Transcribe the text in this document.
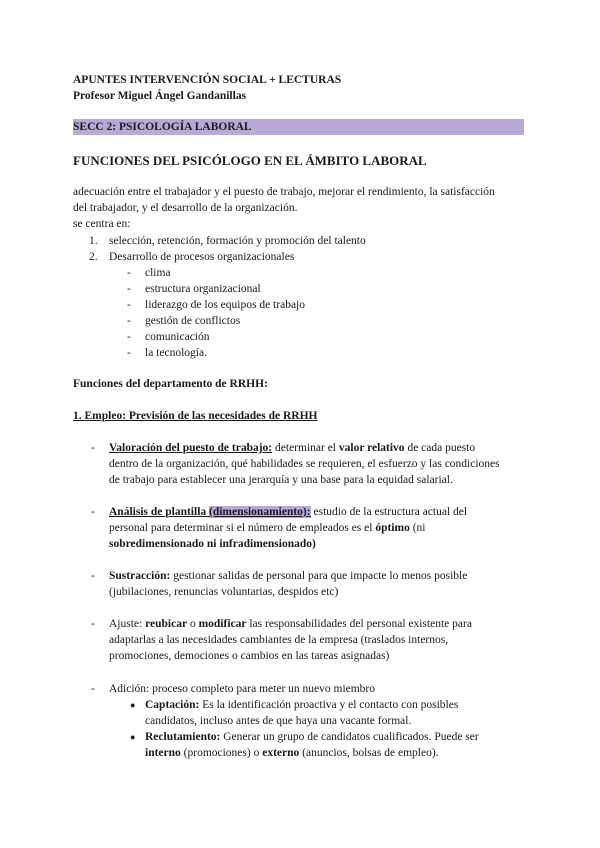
APUNTES INTERVENCIÓN SOCIAL + LECTURAS
Profesor Miguel Ángel Gandanillas
SECC 2: PSICOLOGÍA LABORAL
FUNCIONES DEL PSICÓLOGO EN EL ÁMBITO LABORAL
adecuación entre el trabajador y el puesto de trabajo, mejorar el rendimiento, la satisfacción
del trabajador, y el desarrollo de la organización.
se centra en:
1. selección, retención, formación y promoción del talento
2. Desarrollo de procesos organizacionales
- clima
- estructura organizacional
- liderazgo de los equipos de trabajo
- gestión de conflictos
- comunicación
- la tecnología.
Funciones del departamento de RRHH:
1. Empleo: Previsión de las necesidades de RRHH
- Valoración del puesto de trabajo: determinar el valor relativo de cada puesto
dentro de la organización, qué habilidades se requieren, el esfuerzo y las condiciones
de trabajo para establecer una jerarquía y una base para la equidad salarial.
- Análisis de plantilla (dimensionamiento): estudio de la estructura actual del
personal para determinar si el número de empleados es el óptimo (ni
sobredimensionado ni infradimensionado)
- Sustracción: gestionar salidas de personal para que impacte lo menos posible
(jubilaciones, renuncias voluntarias, despidos etc)
- Ajuste: reubicar o modificar las responsabilidades del personal existente para
adaptarlas a las necesidades cambiantes de la empresa (traslados internos,
promociones, demociones o cambios en las tareas asignadas)
- Adición: proceso completo para meter un nuevo miembro
● Captación: Es la identificación proactiva y el contacto con posibles
candidatos, incluso antes de que haya una vacante formal.
● Reclutamiento: Generar un grupo de candidatos cualificados. Puede ser
interno (promociones) o externo (anuncios, bolsas de empleo).
